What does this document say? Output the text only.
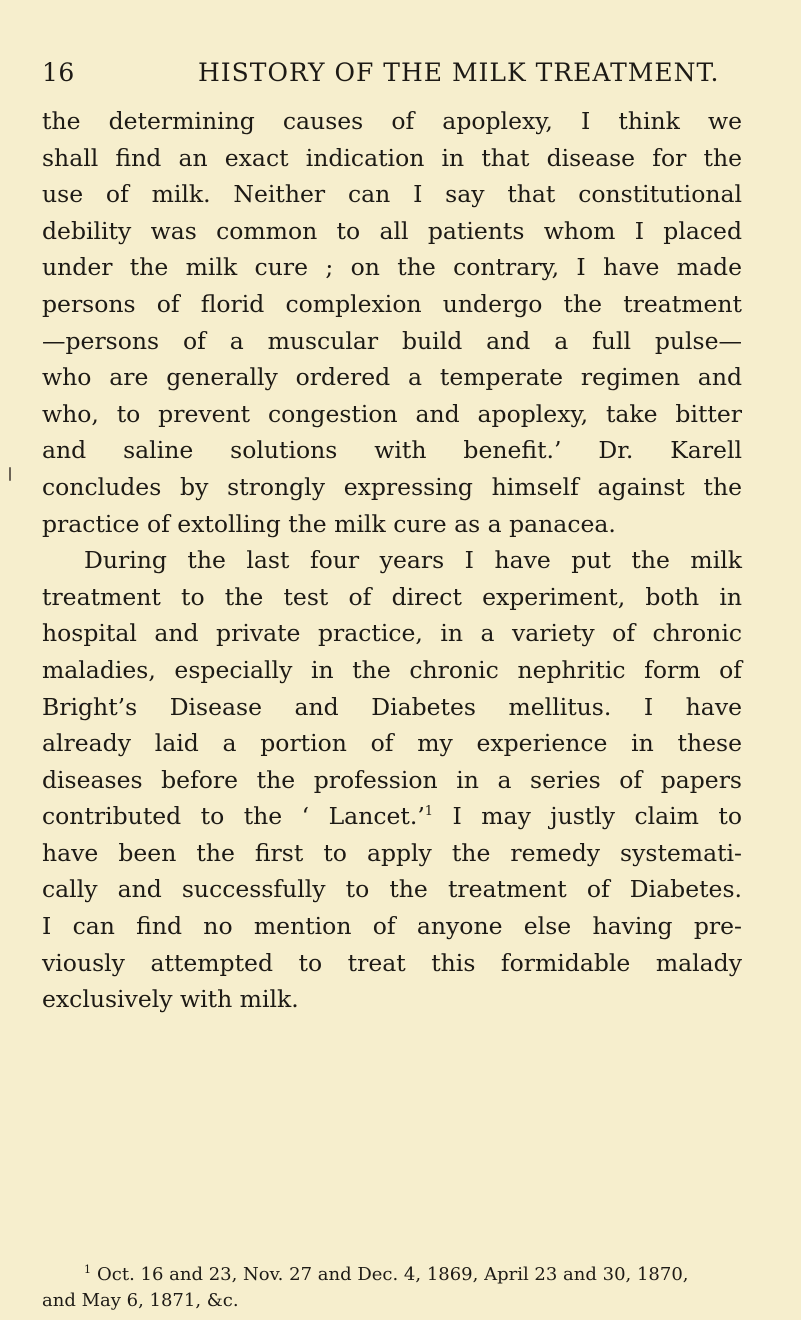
16	HISTORY OF THE MILK TREATMENT.
the determining causes of apoplexy, I think we
shall find an exact indication in that disease for the
use of milk. Neither can I say that constitutional
debility was common to all patients whom I placed
under the milk cure ; on the contrary, I have made
persons of florid complexion undergo the treatment
—persons of a muscular build and a full pulse—
who are generally ordered a temperate regimen and
who, to prevent congestion and apoplexy, take bitter
and saline solutions with benefit.’ Dr. Karell
concludes by strongly expressing himself against the
practice of extolling the milk cure as a panacea.
During the last four years I have put the milk
treatment to the test of direct experiment, both in
hospital and private practice, in a variety of chronic
maladies, especially in the chronic nephritic form of
Bright’s Disease and Diabetes mellitus. I have
already laid a portion of my experience in these
diseases before the profession in a series of papers
contributed to the ‘ Lancet.’$^1$ I may justly claim to
have been the first to apply the remedy systemati-
cally and successfully to the treatment of Diabetes.
I can find no mention of anyone else having pre-
viously attempted to treat this formidable malady
exclusively with milk.
$^1$ Oct. 16 and 23, Nov. 27 and Dec. 4, 1869, April 23 and 30, 1870,
and May 6, 1871, &c.
